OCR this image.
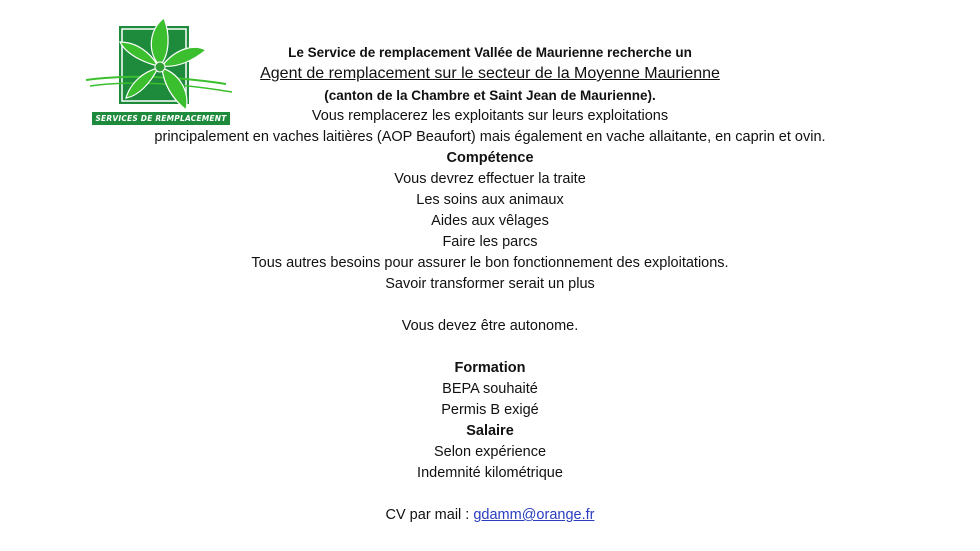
SERVICES DE REMPLACEMENT
Le Service de remplacement Vallée de Maurienne recherche un
Agent de remplacement sur le secteur de la Moyenne Maurienne
(canton de la Chambre et Saint Jean de Maurienne).
Vous remplacerez les exploitants sur leurs exploitations
principalement en vaches laitières (AOP Beaufort) mais également en vache allaitante, en caprin et ovin.
Compétence
Vous devrez effectuer la traite
Les soins aux animaux
Aides aux vêlages
Faire les parcs
Tous autres besoins pour assurer le bon fonctionnement des exploitations.
Savoir transformer serait un plus
Vous devez être autonome.
Formation
BEPA souhaité
Permis B exigé
Salaire
Selon expérience
Indemnité kilométrique
CV par mail : gdamm@orange.fr
